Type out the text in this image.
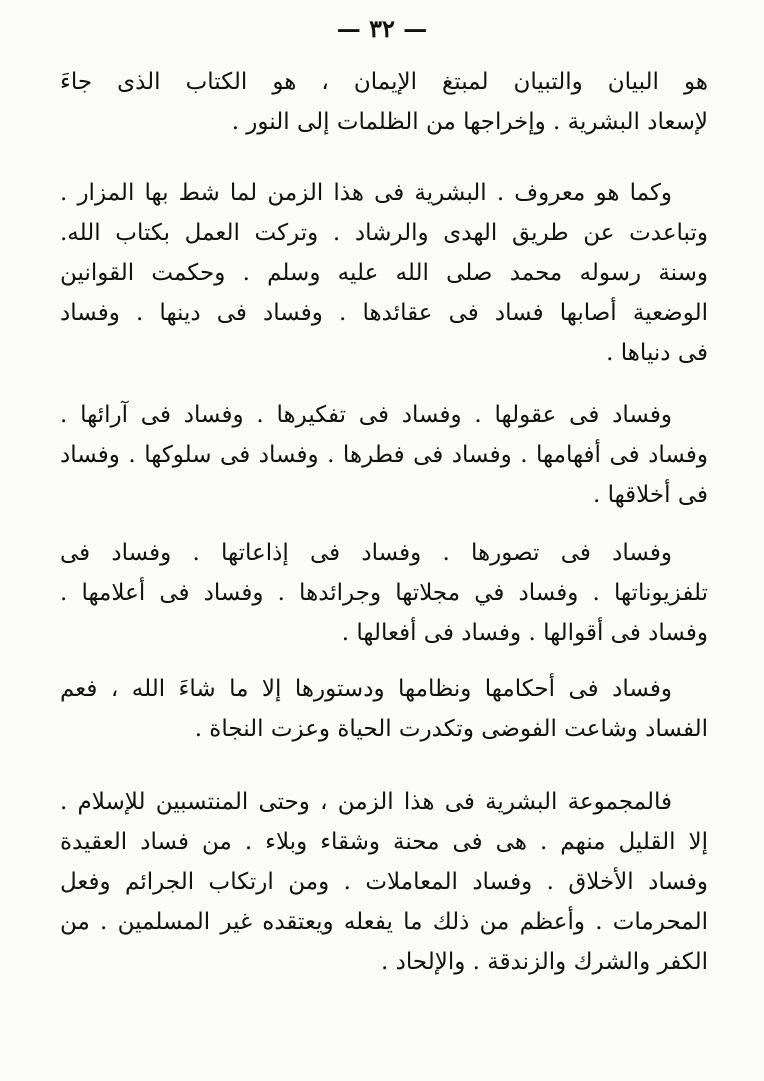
— ٣٢ —
هو البيان والتبيان لمبتغ الإيمان ، هو الكتاب الذى جاءَ
لإسعاد البشرية . وإخراجها من الظلمات إلى النور .
وكما هو معروف . البشرية فى هذا الزمن لما شط بها المزار .
وتباعدت عن طريق الهدى والرشاد . وتركت العمل بكتاب الله.
وسنة رسوله محمد صلى الله عليه وسلم . وحكمت القوانين
الوضعية أصابها فساد فى عقائدها . وفساد فى دينها . وفساد
فى دنياها .
وفساد فى عقولها . وفساد فى تفكيرها . وفساد فى آرائها .
وفساد فى أفهامها . وفساد فى فطرها . وفساد فى سلوكها . وفساد
فى أخلاقها .
وفساد فى تصورها . وفساد فى إذاعاتها . وفساد فى
تلفزيوناتها . وفساد في مجلاتها وجرائدها . وفساد فى أعلامها .
وفساد فى أقوالها . وفساد فى أفعالها .
وفساد فى أحكامها ونظامها ودستورها إلا ما شاءَ الله ، فعم
الفساد وشاعت الفوضى وتكدرت الحياة وعزت النجاة .
فالمجموعة البشرية فى هذا الزمن ، وحتى المنتسبين للإسلام .
إلا القليل منهم . هى فى محنة وشقاء وبلاء . من فساد العقيدة
وفساد الأخلاق . وفساد المعاملات . ومن ارتكاب الجرائم وفعل
المحرمات . وأعظم من ذلك ما يفعله ويعتقده غير المسلمين . من
الكفر والشرك والزندقة . والإلحاد .
